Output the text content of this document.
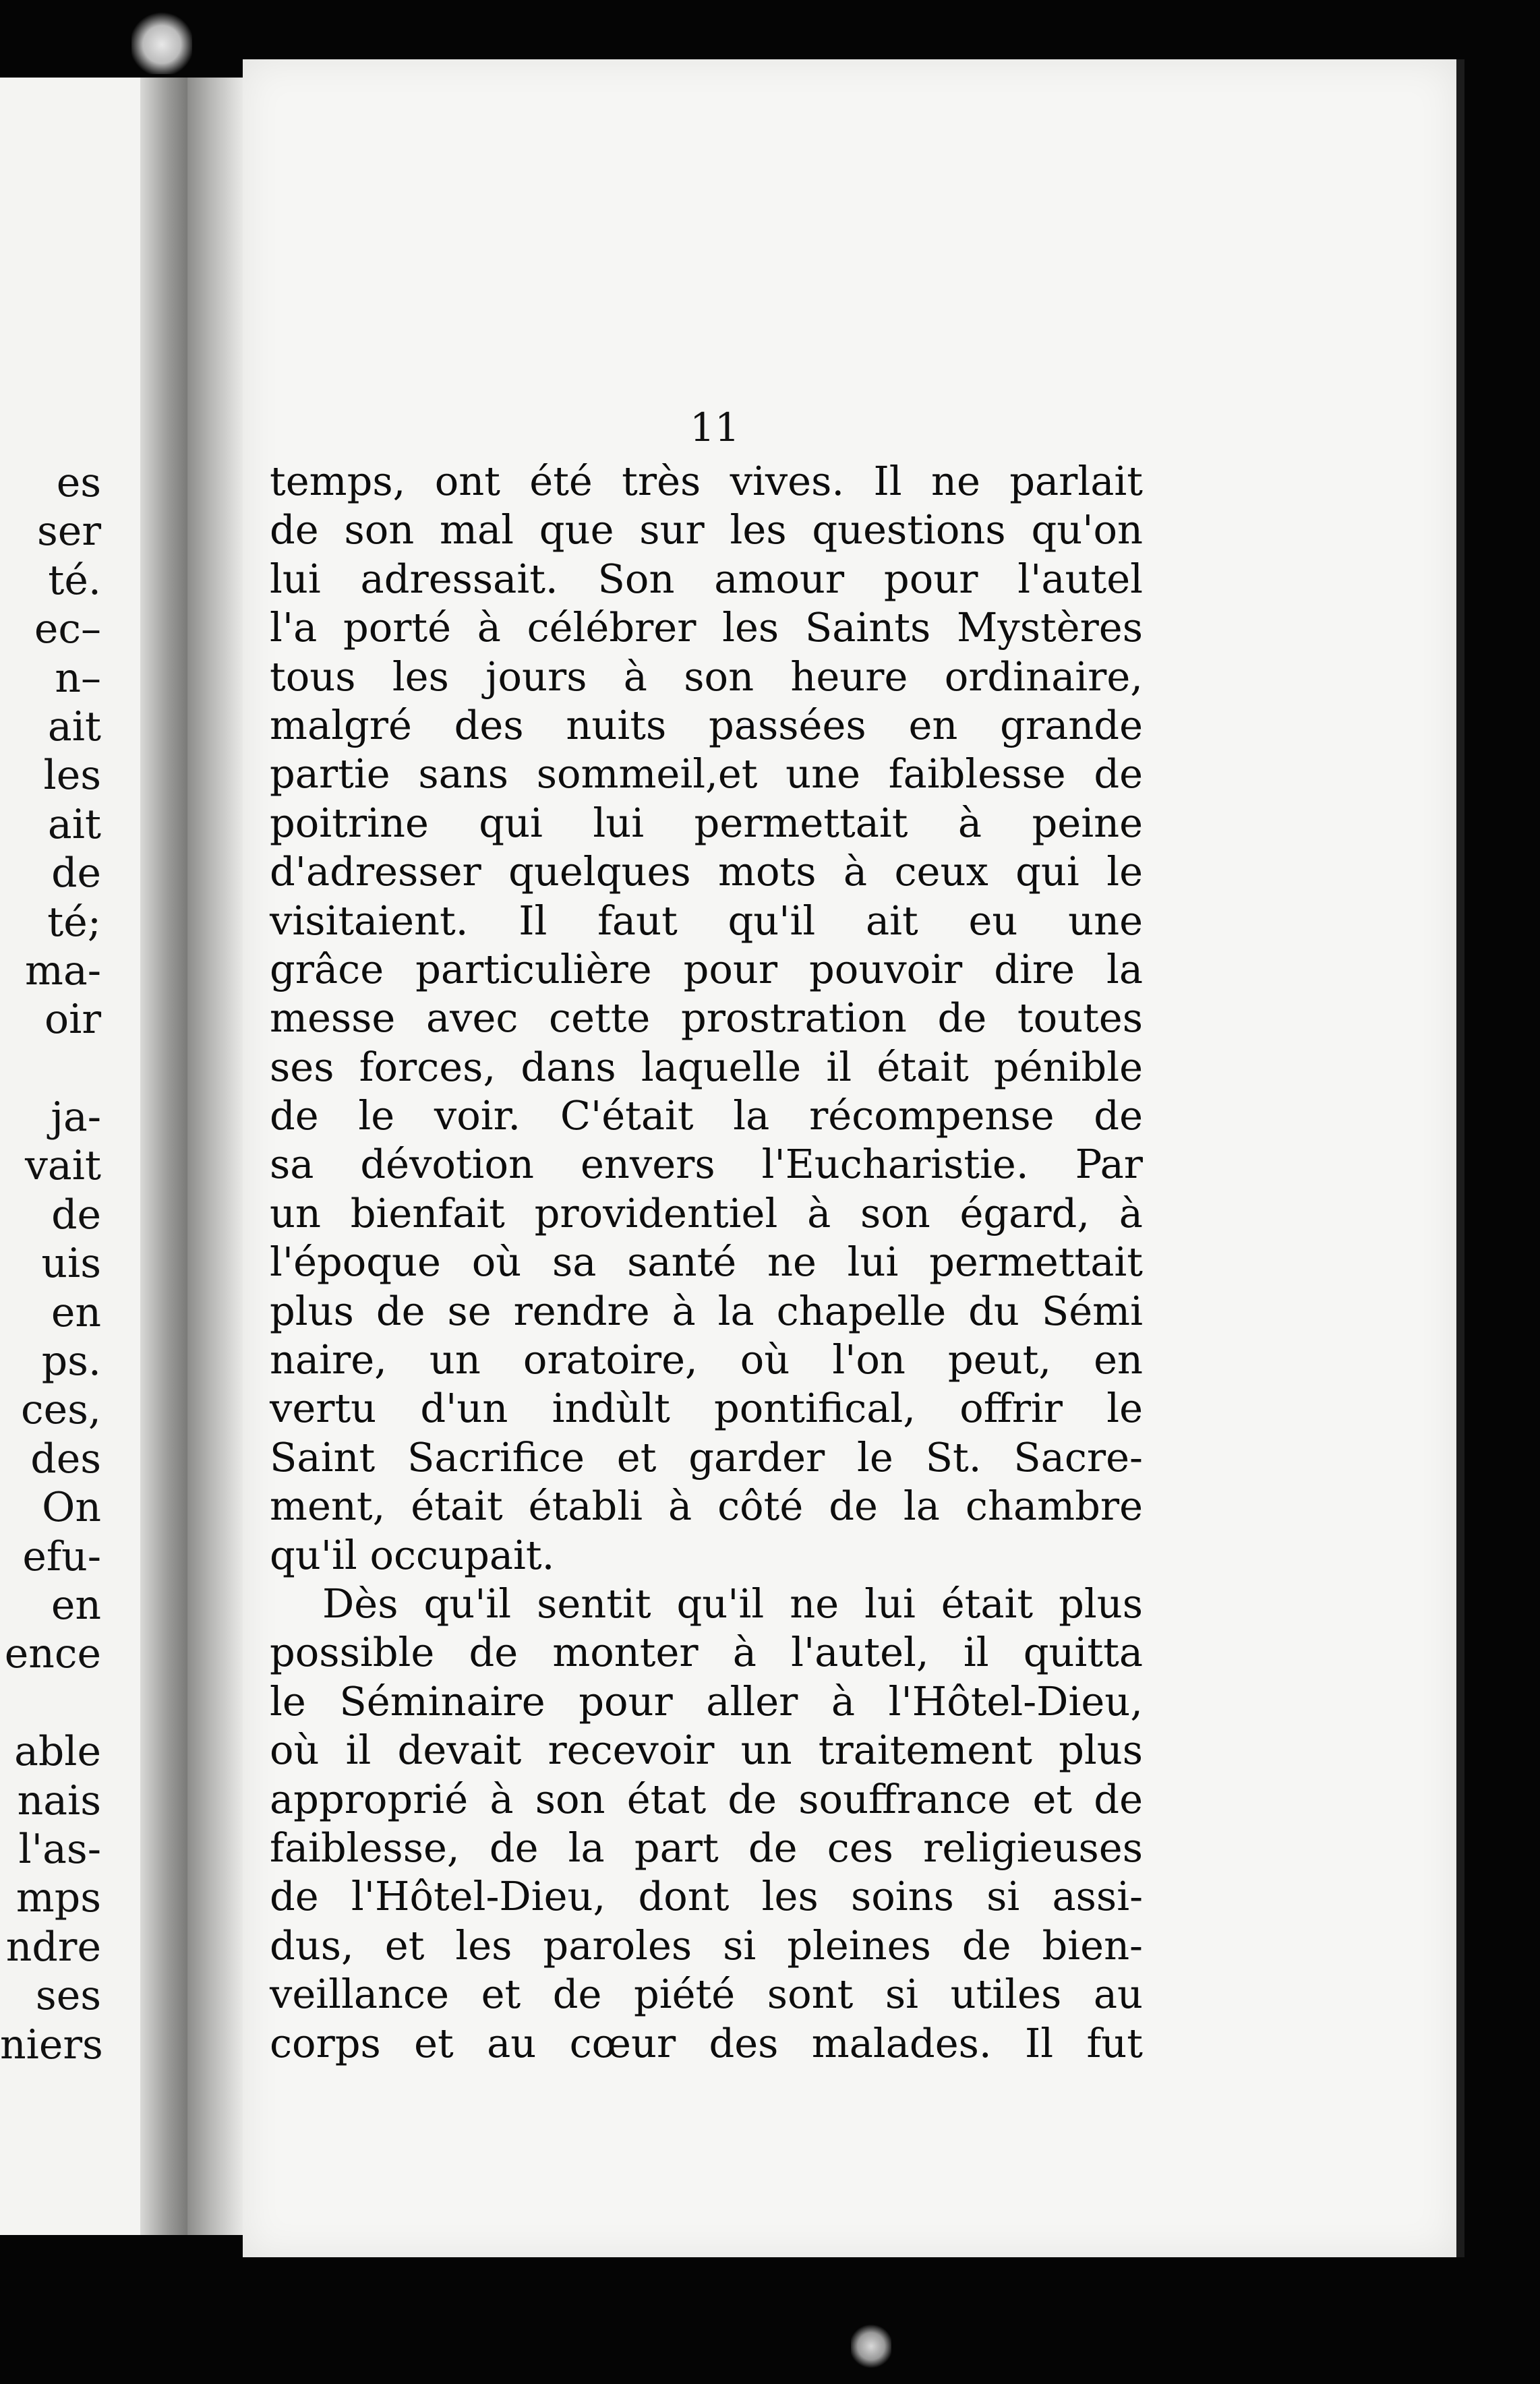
es
ser
té.
ec–
n–
ait
les
ait
de
té;
ma-
oir
ja-
vait
de
uis
en
ps.
ces,
des
On
efu-
en
ence
able
nais
l'as-
mps
ndre
ses
niers
11
temps, ont été très vives. Il ne parlait
de son mal que sur les questions qu'on
lui adressait. Son amour pour l'autel
l'a porté à célébrer les Saints Mystères
tous les jours à son heure ordinaire,
malgré des nuits passées en grande
partie sans sommeil,et une faiblesse de
poitrine qui lui permettait à peine
d'adresser quelques mots à ceux qui le
visitaient. Il faut qu'il ait eu une
grâce particulière pour pouvoir dire la
messe avec cette prostration de toutes
ses forces, dans laquelle il était pénible
de le voir. C'était la récompense de
sa dévotion envers l'Eucharistie. Par
un bienfait providentiel à son égard, à
l'époque où sa santé ne lui permettait
plus de se rendre à la chapelle du Sémi
naire, un oratoire, où l'on peut, en
vertu d'un indùlt pontifical, offrir le
Saint Sacrifice et garder le St. Sacre-
ment, était établi à côté de la chambre
qu'il occupait.
Dès qu'il sentit qu'il ne lui était plus
possible de monter à l'autel, il quitta
le Séminaire pour aller à l'Hôtel-Dieu,
où il devait recevoir un traitement plus
approprié à son état de souffrance et de
faiblesse, de la part de ces religieuses
de l'Hôtel-Dieu, dont les soins si assi-
dus, et les paroles si pleines de bien-
veillance et de piété sont si utiles au
corps et au cœur des malades. Il fut
